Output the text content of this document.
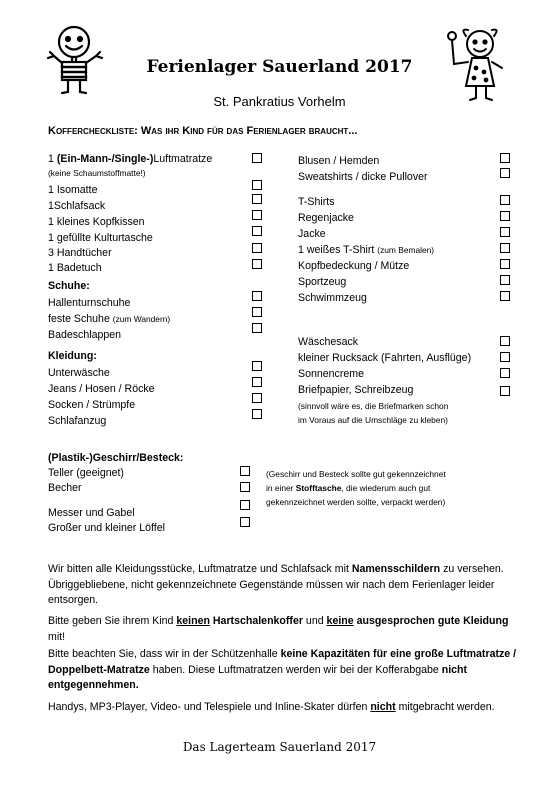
Ferienlager Sauerland 2017
St. Pankratius Vorhelm
Koffercheckliste: Was ihr Kind für das Ferienlager braucht...
1 (Ein-Mann-/Single-)Luftmatratze
(keine Schaumstoffmatte!)
1 Isomatte
1Schlafsack
1 kleines Kopfkissen
1 gefüllte Kulturtasche
3 Handtücher
1 Badetuch
Schuhe:
Hallenturnschuhe
feste Schuhe (zum Wandern)
Badeschlappen
Kleidung:
Unterwäsche
Jeans / Hosen / Röcke
Socken / Strümpfe
Schlafanzug
Blusen / Hemden
Sweatshirts / dicke Pullover
T-Shirts
Regenjacke
Jacke
1 weißes T-Shirt (zum Bemalen)
Kopfbedeckung / Mütze
Sportzeug
Schwimmzeug
Wäschesack
kleiner Rucksack (Fahrten, Ausflüge)
Sonnencreme
Briefpapier, Schreibzeug
(sinnvoll wäre es, die Briefmarken schon
im Voraus auf die Umschläge zu kleben)
(Plastik-)Geschirr/Besteck:
Teller (geeignet)
Becher
Messer und Gabel
Großer und kleiner Löffel
(Geschirr und Besteck sollte gut gekennzeichnet
in einer Stofftasche, die wiederum auch gut
gekennzeichnet werden sollte, verpackt werden)
Wir bitten alle Kleidungsstücke, Luftmatratze und Schlafsack mit Namensschildern zu versehen. Übriggebliebene, nicht gekennzeichnete Gegenstände müssen wir nach dem Ferienlager leider entsorgen.
Bitte geben Sie ihrem Kind keinen Hartschalenkoffer und keine ausgesprochen gute Kleidung mit!
Bitte beachten Sie, dass wir in der Schützenhalle keine Kapazitäten für eine große Luftmatratze / Doppelbett-Matratze haben. Diese Luftmatratzen werden wir bei der Kofferabgabe nicht entgegennehmen.
Handys, MP3-Player, Video- und Telespiele und Inline-Skater dürfen nicht mitgebracht werden.
Das Lagerteam Sauerland 2017
